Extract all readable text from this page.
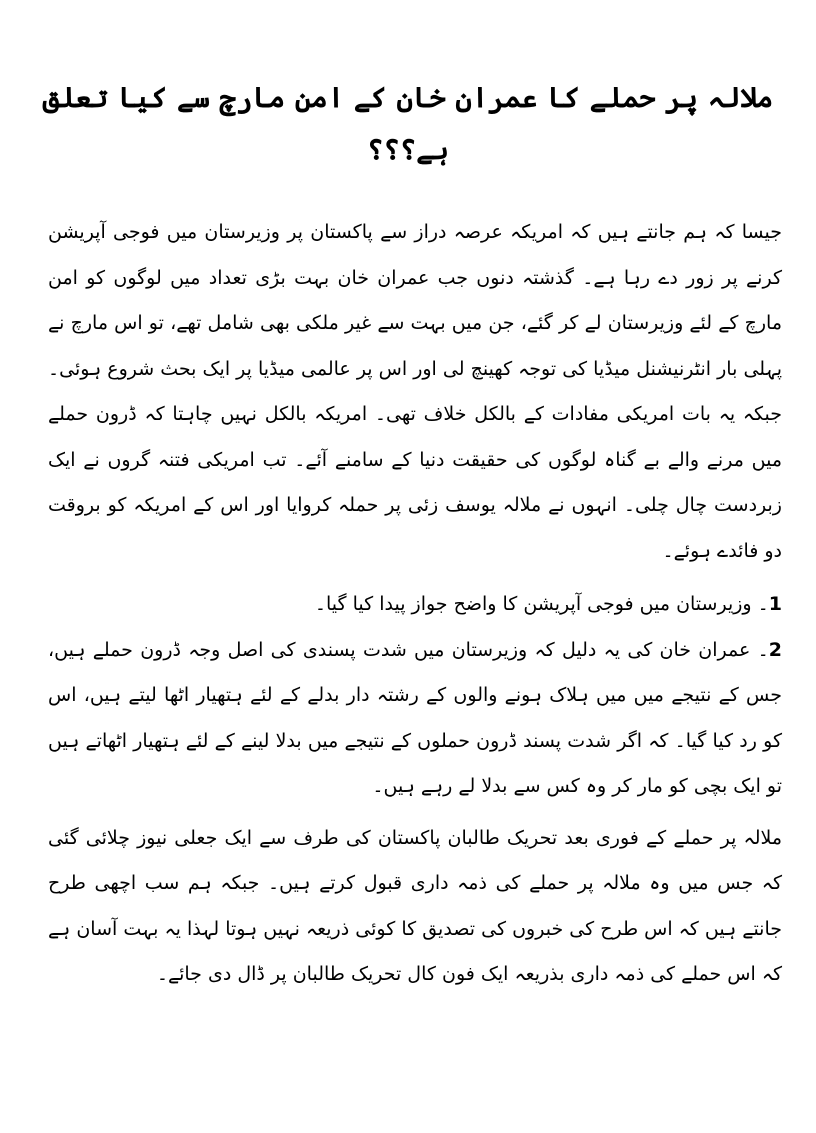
ملالہ پر حملے کا عمران خان کے امن مارچ سے کیا تعلق ہے؟؟؟

جیسا کہ ہم جانتے ہیں کہ امریکہ عرصہ دراز سے پاکستان پر وزیرستان میں فوجی آپریشن کرنے پر زور دے رہا ہے۔ گذشتہ دنوں جب عمران خان بہت بڑی تعداد میں لوگوں کو امن مارچ کے لئے وزیرستان لے کر گئے، جن میں بہت سے غیر ملکی بھی شامل تھے، تو اس مارچ نے پہلی بار انٹرنیشنل میڈیا کی توجہ کھینچ لی اور اس پر عالمی میڈیا پر ایک بحث شروع ہوئی۔ جبکہ یہ بات امریکی مفادات کے بالکل خلاف تھی۔ امریکہ بالکل نہیں چاہتا کہ ڈرون حملے میں مرنے والے بے گناہ لوگوں کی حقیقت دنیا کے سامنے آئے۔ تب امریکی فتنہ گروں نے ایک زبردست چال چلی۔ انہوں نے ملالہ یوسف زئی پر حملہ کروایا اور اس کے امریکہ کو بروقت دو فائدے ہوئے۔

1۔ وزیرستان میں فوجی آپریشن کا واضح جواز پیدا کیا گیا۔

2۔ عمران خان کی یہ دلیل کہ وزیرستان میں شدت پسندی کی اصل وجہ ڈرون حملے ہیں، جس کے نتیجے میں میں ہلاک ہونے والوں کے رشتہ دار بدلے کے لئے ہتھیار اٹھا لیتے ہیں، اس کو رد کیا گیا۔ کہ اگر شدت پسند ڈرون حملوں کے نتیجے میں بدلا لینے کے لئے ہتھیار اٹھاتے ہیں تو ایک بچی کو مار کر وہ کس سے بدلا لے رہے ہیں۔

ملالہ پر حملے کے فوری بعد تحریک طالبان پاکستان کی طرف سے ایک جعلی نیوز چلائی گئی کہ جس میں وہ ملالہ پر حملے کی ذمہ داری قبول کرتے ہیں۔ جبکہ ہم سب اچھی طرح جانتے ہیں کہ اس طرح کی خبروں کی تصدیق کا کوئی ذریعہ نہیں ہوتا لہذا یہ بہت آسان ہے کہ اس حملے کی ذمہ داری بذریعہ ایک فون کال تحریک طالبان پر ڈال دی جائے۔
